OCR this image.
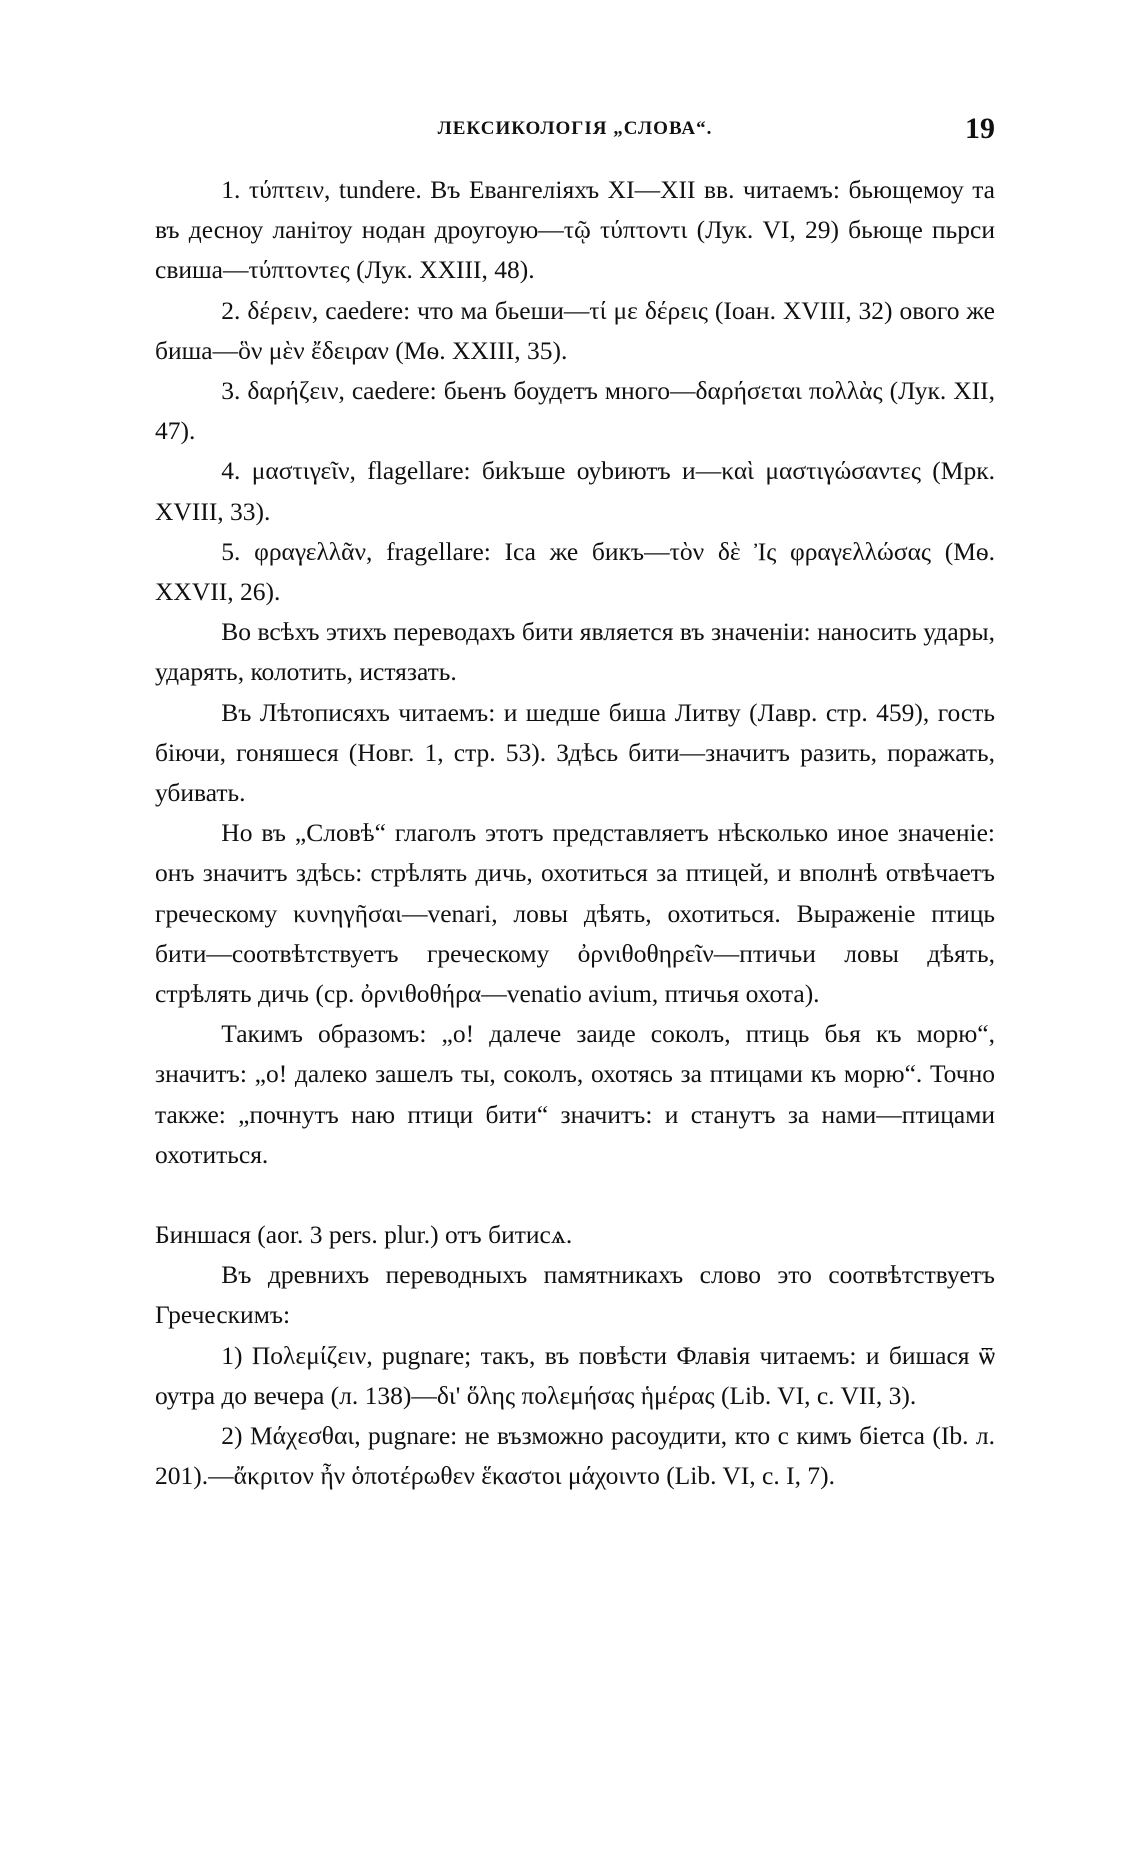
ЛЕКСИКОЛОГІЯ „СЛОВА“.	19

1. τύπτειν, tundere. Въ Евангеліяхъ XI—XII вв. читаемъ: бьющемоу та въ десноу ланітоу нодан дроугоую—τῷ τύπτοντι (Лук. VI, 29) бьюще пьрси свиша—τύπτοντες (Лук. XXIII, 48).

2. δέρειν, caedere: что ма бьеши—τί με δέρεις (Іоан. XVIII, 32) ового же биша—ὃν μὲν ἔδειραν (Мѳ. XXIII, 35).

3. δαρήζειν, caedere: бьенъ боудетъ много—δαρήσεται πολλὰς (Лук. XII, 47).

4. μαστιγεῖν, flagellare: биkъше оуbиютъ и—καὶ μαστιγώσαντες (Мрк. XVIII, 33).

5. φραγελλᾶν, fragellare: Іса же бикъ—τὸν δὲ Ἰς φραγελλώσας (Мѳ. XXVII, 26).

Во всѣхъ этихъ переводахъ бити является въ значеніи: наносить удары, ударять, колотить, истязать.

Въ Лѣтописяхъ читаемъ: и шедше биша Литву (Лавр. стр. 459), гость біючи, гоняшеся (Новг. 1, стр. 53). Здѣсь бити—значитъ разить, поражать, убивать.

Но въ „Словѣ“ глаголъ этотъ представляетъ нѣсколько иное значеніе: онъ значитъ здѣсь: стрѣлять дичь, охотиться за птицей, и вполнѣ отвѣчаетъ греческому κυνηγῆσαι—venari, ловы дѣять, охотиться. Выраженіе птиць бити—соотвѣтствуетъ греческому ὀρνιθοθηρεῖν—птичьи ловы дѣять, стрѣлять дичь (ср. ὀρνιθοθήρα—venatio avium, птичья охота).

Такимъ образомъ: „о! далече заиде соколъ, птиць бья къ морю“, значитъ: „о! далеко зашелъ ты, соколъ, охотясь за птицами къ морю“. Точно также: „почнутъ наю птици бити“ значитъ: и станутъ за нами—птицами охотиться.

Биншася (aor. 3 pers. plur.) отъ битисѧ.

Въ древнихъ переводныхъ памятникахъ слово это соотвѣтствуетъ Греческимъ:

1) Πολεμίζειν, pugnare; такъ, въ повѣсти Флавія читаемъ: и бишася ѿ оутра до вечера (л. 138)—δι' ὅλης πολεμήσας ἡμέρας (Lib. VI, c. VII, 3).

2) Μάχεσθαι, pugnare: не възможно расоудити, кто с кимъ біетса (Ib. л. 201).—ἄκριτον ἦν ὁποτέρωθεν ἕκαστοι μάχοιντο (Lib. VI, c. I, 7).
